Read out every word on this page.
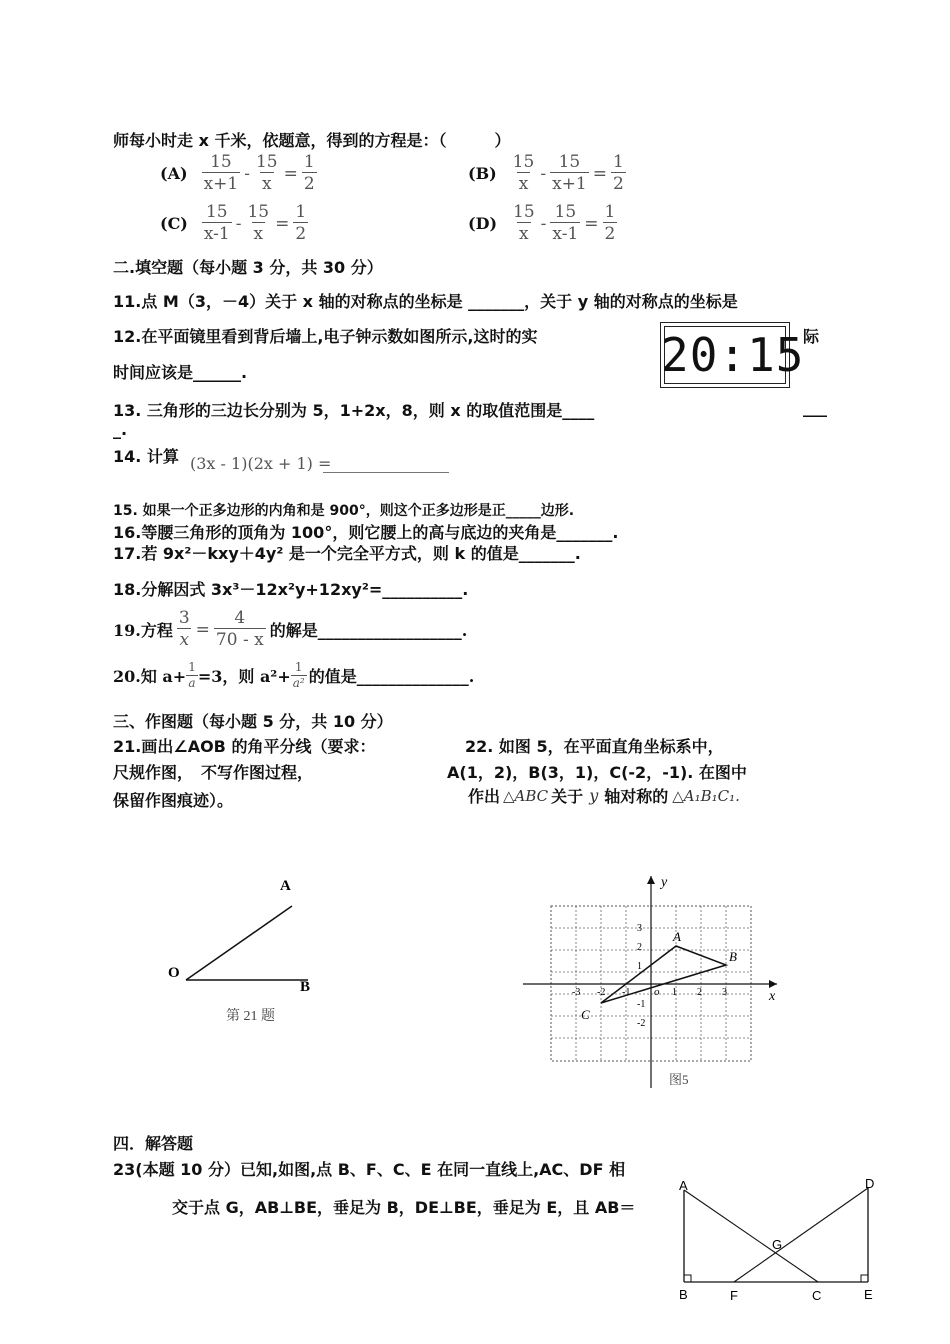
师每小时走 x 千米，依题意，得到的方程是：（　　　）
$(A) \frac{15}{x+1} - \frac{15}{x} = \frac{1}{2}$	$(B) \frac{15}{x} - \frac{15}{x+1} = \frac{1}{2}$
$(C) \frac{15}{x-1} - \frac{15}{x} = \frac{1}{2}$	$(D) \frac{15}{x} - \frac{15}{x-1} = \frac{1}{2}$
二.填空题（每小题 3 分，共 30 分）
11.点 M（3，－4）关于 x 轴的对称点的坐标是 _______，关于 y 轴的对称点的坐标是
12.在平面镜里看到背后墙上,电子钟示数如图所示,这时的实	际
时间应该是______.	20:15
13. 三角形的三边长分别为 5，1+2x，8，则 x 的取值范围是____	___
_.
14. 计算 (3x - 1)(2x + 1) =
15. 如果一个正多边形的内角和是 900°，则这个正多边形是正_____边形.
16.等腰三角形的顶角为 100°，则它腰上的高与底边的夹角是_______.
17.若 9x²－kxy＋4y² 是一个完全平方式，则 k 的值是_______.
18.分解因式 3x³－12x²y+12xy²=__________.
19.方程 $\frac{3}{x} = \frac{4}{70 - x}$ 的解是__________________.
20.知 $a+ \frac{1}{a} =3$，则 $a^2+ \frac{1}{\text{a²}}$ 的值是______________.
三、作图题（每小题 5 分，共 10 分）
21.画出∠AOB 的角平分线（要求：
尺规作图，　不写作图过程，
保留作图痕迹）。
22. 如图 5，在平面直角坐标系中，
A(1，2)，B(3，1)，C(-2，-1). 在图中
作出 △ABC 关于 y 轴对称的 △A₁B₁C₁.
A
O
B
第 21 题
x
y
o
-3 -2 -1	1 2 3
3
2
1
-1
-2
A
B
C
图5
四．解答题
23(本题 10 分）已知,如图,点 B、F、C、E 在同一直线上,AC、DF 相
交于点 G，AB⊥BE，垂足为 B，DE⊥BE，垂足为 E，且 AB＝
A	D
G
B	F	C	E
